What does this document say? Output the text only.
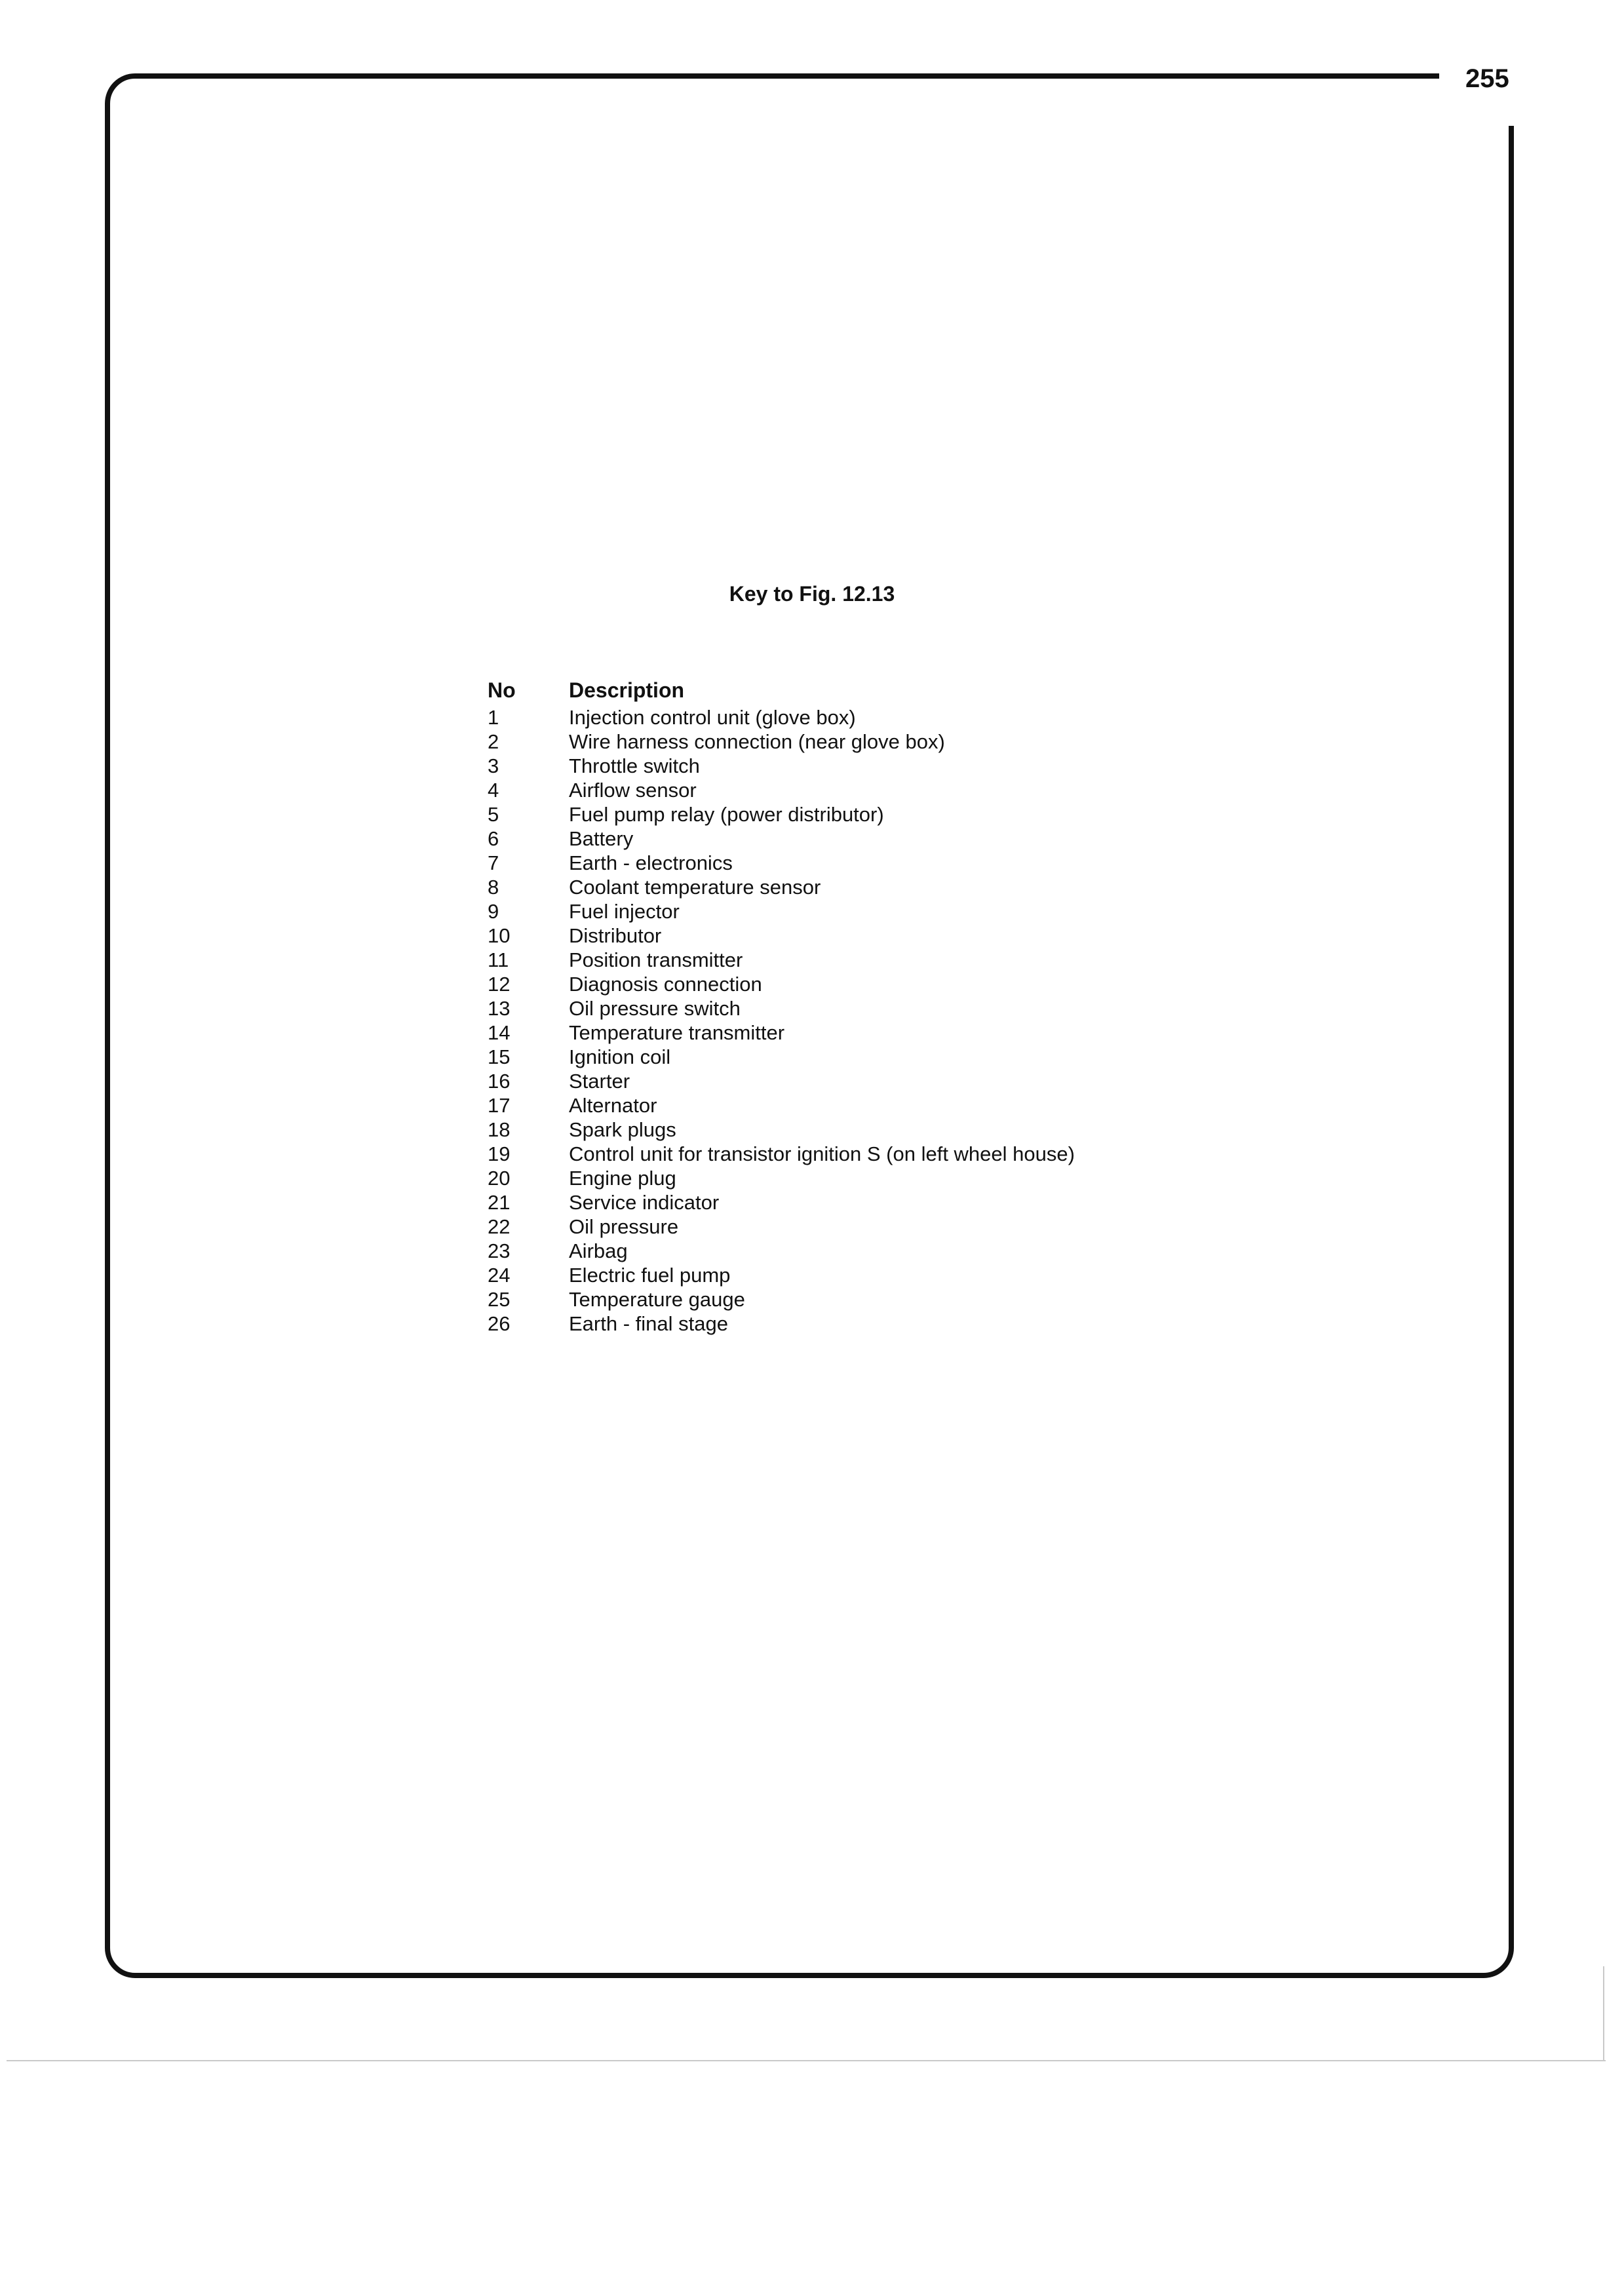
255
Key to Fig. 12.13
No	Description
1	Injection control unit (glove box)
2	Wire harness connection (near glove box)
3	Throttle switch
4	Airflow sensor
5	Fuel pump relay (power distributor)
6	Battery
7	Earth - electronics
8	Coolant temperature sensor
9	Fuel injector
10	Distributor
11	Position transmitter
12	Diagnosis connection
13	Oil pressure switch
14	Temperature transmitter
15	Ignition coil
16	Starter
17	Alternator
18	Spark plugs
19	Control unit for transistor ignition S (on left wheel house)
20	Engine plug
21	Service indicator
22	Oil pressure
23	Airbag
24	Electric fuel pump
25	Temperature gauge
26	Earth - final stage
